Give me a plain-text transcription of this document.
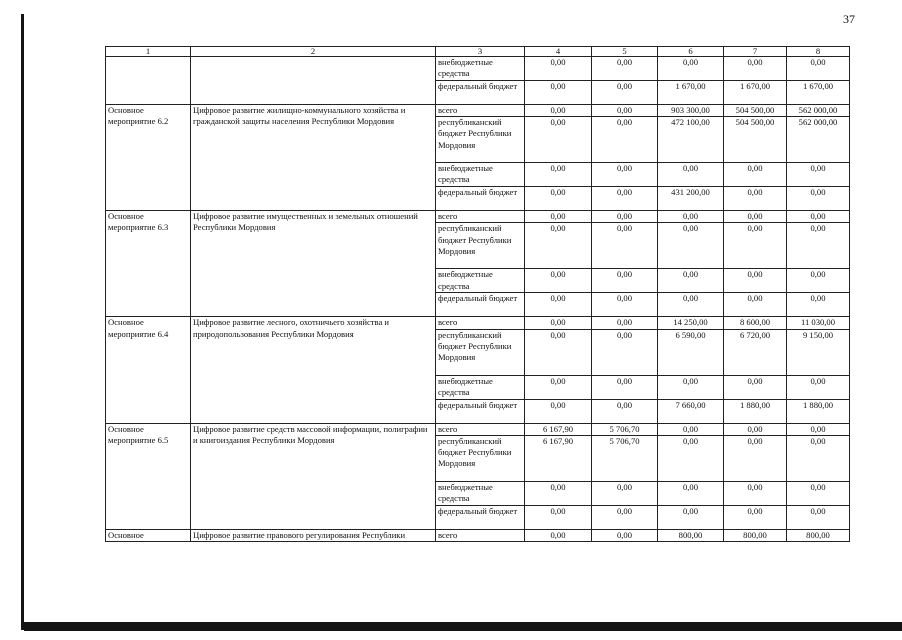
37
1	2	3	4	5	6	7	8
		внебюджетные средства	0,00	0,00	0,00	0,00	0,00
		федеральный бюджет	0,00	0,00	1 670,00	1 670,00	1 670,00
Основное мероприятие 6.2	Цифровое развитие жилищно-коммунального хозяйства и гражданской защиты населения Республики Мордовия	всего	0,00	0,00	903 300,00	504 500,00	562 000,00
		республиканский бюджет Республики Мордовия	0,00	0,00	472 100,00	504 500,00	562 000,00
		внебюджетные средства	0,00	0,00	0,00	0,00	0,00
		федеральный бюджет	0,00	0,00	431 200,00	0,00	0,00
Основное мероприятие 6.3	Цифровое развитие имущественных и земельных отношений Республики Мордовия	всего	0,00	0,00	0,00	0,00	0,00
		республиканский бюджет Республики Мордовия	0,00	0,00	0,00	0,00	0,00
		внебюджетные средства	0,00	0,00	0,00	0,00	0,00
		федеральный бюджет	0,00	0,00	0,00	0,00	0,00
Основное мероприятие 6.4	Цифровое развитие лесного, охотничьего хозяйства и природопользования Республики Мордовия	всего	0,00	0,00	14 250,00	8 600,00	11 030,00
		республиканский бюджет Республики Мордовия	0,00	0,00	6 590,00	6 720,00	9 150,00
		внебюджетные средства	0,00	0,00	0,00	0,00	0,00
		федеральный бюджет	0,00	0,00	7 660,00	1 880,00	1 880,00
Основное мероприятие 6.5	Цифровое развитие средств массовой информации, полиграфии и книгоиздания Республики Мордовия	всего	6 167,90	5 706,70	0,00	0,00	0,00
		республиканский бюджет Республики Мордовия	6 167,90	5 706,70	0,00	0,00	0,00
		внебюджетные средства	0,00	0,00	0,00	0,00	0,00
		федеральный бюджет	0,00	0,00	0,00	0,00	0,00
Основное	Цифровое развитие правового регулирования Республики	всего	0,00	0,00	800,00	800,00	800,00
